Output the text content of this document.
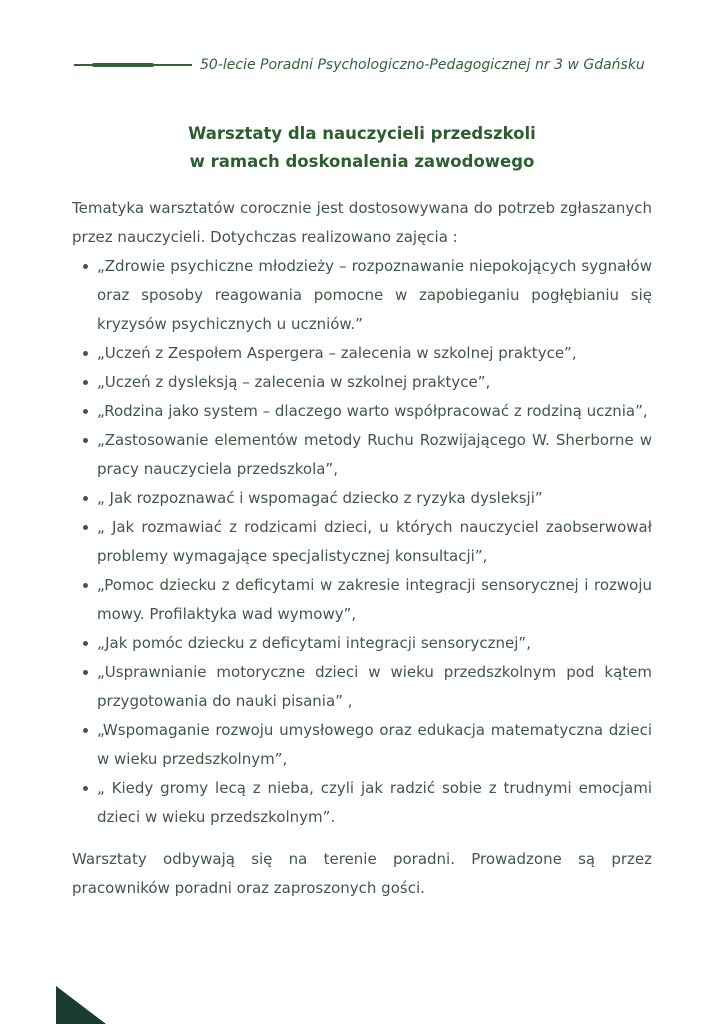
50-lecie Poradni Psychologiczno-Pedagogicznej nr 3 w Gdańsku
Warsztaty dla nauczycieli przedszkoli
w ramach doskonalenia zawodowego

Tematyka warsztatów corocznie jest dostosowywana do potrzeb zgłaszanych przez nauczycieli. Dotychczas realizowano zajęcia :

„Zdrowie psychiczne młodzieży – rozpoznawanie niepokojących sygnałów oraz sposoby reagowania pomocne w zapobieganiu pogłębianiu się kryzysów psychicznych u uczniów.”
„Uczeń z Zespołem Aspergera – zalecenia w szkolnej praktyce”,
„Uczeń z dysleksją – zalecenia w szkolnej praktyce”,
„Rodzina jako system – dlaczego warto współpracować z rodziną ucznia”,
„Zastosowanie elementów metody Ruchu Rozwijającego W. Sherborne w pracy nauczyciela przedszkola”,
„ Jak rozpoznawać i wspomagać dziecko z ryzyka dysleksji”
„ Jak rozmawiać z rodzicami dzieci, u których nauczyciel zaobserwował problemy wymagające specjalistycznej konsultacji”,
„Pomoc dziecku z deficytami w zakresie integracji sensorycznej i rozwoju mowy. Profilaktyka wad wymowy”,
„Jak pomóc dziecku z deficytami integracji sensorycznej”,
„Usprawnianie motoryczne dzieci w wieku przedszkolnym pod kątem przygotowania do nauki pisania” ,
„Wspomaganie rozwoju umysłowego oraz edukacja matematyczna dzieci w wieku przedszkolnym”,
„ Kiedy gromy lecą z nieba, czyli jak radzić sobie z trudnymi emocjami dzieci w wieku przedszkolnym”.

Warsztaty odbywają się na terenie poradni. Prowadzone są przez pracowników poradni oraz zaproszonych gości.
